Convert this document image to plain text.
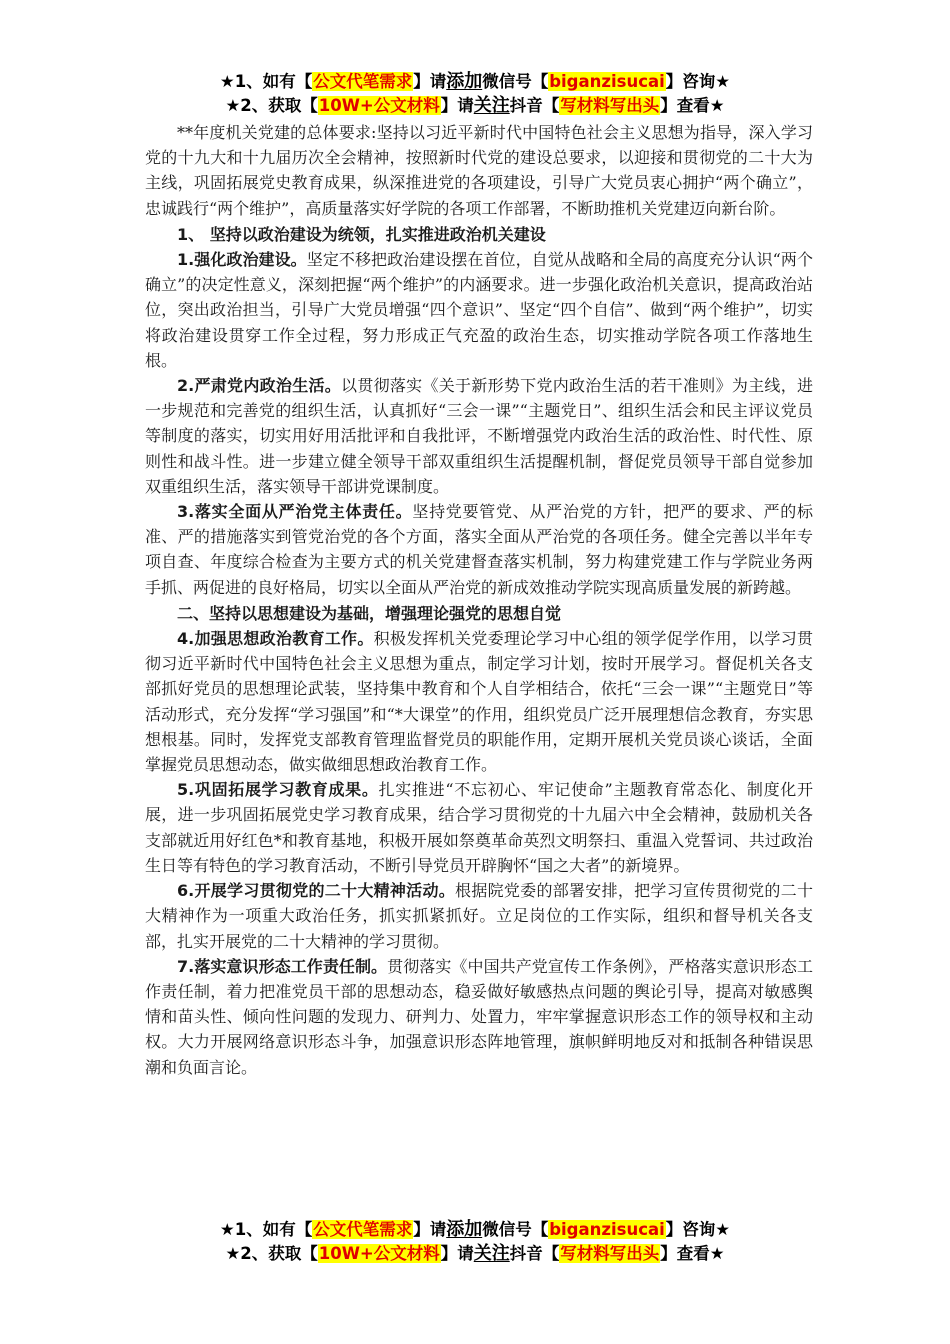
★1、如有【公文代笔需求】请添加微信号【biganzisucai】咨询★
★2、获取【10W+公文材料】请关注抖音【写材料写出头】查看★

**年度机关党建的总体要求:坚持以习近平新时代中国特色社会主义思想为指导，深入学习党的十九大和十九届历次全会精神，按照新时代党的建设总要求，以迎接和贯彻党的二十大为主线，巩固拓展党史教育成果，纵深推进党的各项建设，引导广大党员衷心拥护“两个确立”，忠诚践行“两个维护”，高质量落实好学院的各项工作部署，不断助推机关党建迈向新台阶。

1、 坚持以政治建设为统领，扎实推进政治机关建设

1.强化政治建设。坚定不移把政治建设摆在首位，自觉从战略和全局的高度充分认识“两个确立”的决定性意义，深刻把握“两个维护”的内涵要求。进一步强化政治机关意识，提高政治站位，突出政治担当，引导广大党员增强“四个意识”、坚定“四个自信”、做到“两个维护”，切实将政治建设贯穿工作全过程，努力形成正气充盈的政治生态，切实推动学院各项工作落地生根。

2.严肃党内政治生活。以贯彻落实《关于新形势下党内政治生活的若干准则》为主线，进一步规范和完善党的组织生活，认真抓好“三会一课”“主题党日”、组织生活会和民主评议党员等制度的落实，切实用好用活批评和自我批评，不断增强党内政治生活的政治性、时代性、原则性和战斗性。进一步建立健全领导干部双重组织生活提醒机制，督促党员领导干部自觉参加双重组织生活，落实领导干部讲党课制度。

3.落实全面从严治党主体责任。坚持党要管党、从严治党的方针，把严的要求、严的标准、严的措施落实到管党治党的各个方面，落实全面从严治党的各项任务。健全完善以半年专项自查、年度综合检查为主要方式的机关党建督查落实机制，努力构建党建工作与学院业务两手抓、两促进的良好格局，切实以全面从严治党的新成效推动学院实现高质量发展的新跨越。

二、坚持以思想建设为基础，增强理论强党的思想自觉

4.加强思想政治教育工作。积极发挥机关党委理论学习中心组的领学促学作用，以学习贯彻习近平新时代中国特色社会主义思想为重点，制定学习计划，按时开展学习。督促机关各支部抓好党员的思想理论武装，坚持集中教育和个人自学相结合，依托“三会一课”“主题党日”等活动形式，充分发挥“学习强国”和“*大课堂”的作用，组织党员广泛开展理想信念教育，夯实思想根基。同时，发挥党支部教育管理监督党员的职能作用，定期开展机关党员谈心谈话，全面掌握党员思想动态，做实做细思想政治教育工作。

5.巩固拓展学习教育成果。扎实推进“不忘初心、牢记使命”主题教育常态化、制度化开展，进一步巩固拓展党史学习教育成果，结合学习贯彻党的十九届六中全会精神，鼓励机关各支部就近用好红色*和教育基地，积极开展如祭奠革命英烈文明祭扫、重温入党誓词、共过政治生日等有特色的学习教育活动，不断引导党员开辟胸怀“国之大者”的新境界。

6.开展学习贯彻党的二十大精神活动。根据院党委的部署安排，把学习宣传贯彻党的二十大精神作为一项重大政治任务，抓实抓紧抓好。立足岗位的工作实际，组织和督导机关各支部，扎实开展党的二十大精神的学习贯彻。

7.落实意识形态工作责任制。贯彻落实《中国共产党宣传工作条例》，严格落实意识形态工作责任制，着力把准党员干部的思想动态，稳妥做好敏感热点问题的舆论引导，提高对敏感舆情和苗头性、倾向性问题的发现力、研判力、处置力，牢牢掌握意识形态工作的领导权和主动权。大力开展网络意识形态斗争，加强意识形态阵地管理，旗帜鲜明地反对和抵制各种错误思潮和负面言论。

★1、如有【公文代笔需求】请添加微信号【biganzisucai】咨询★
★2、获取【10W+公文材料】请关注抖音【写材料写出头】查看★
